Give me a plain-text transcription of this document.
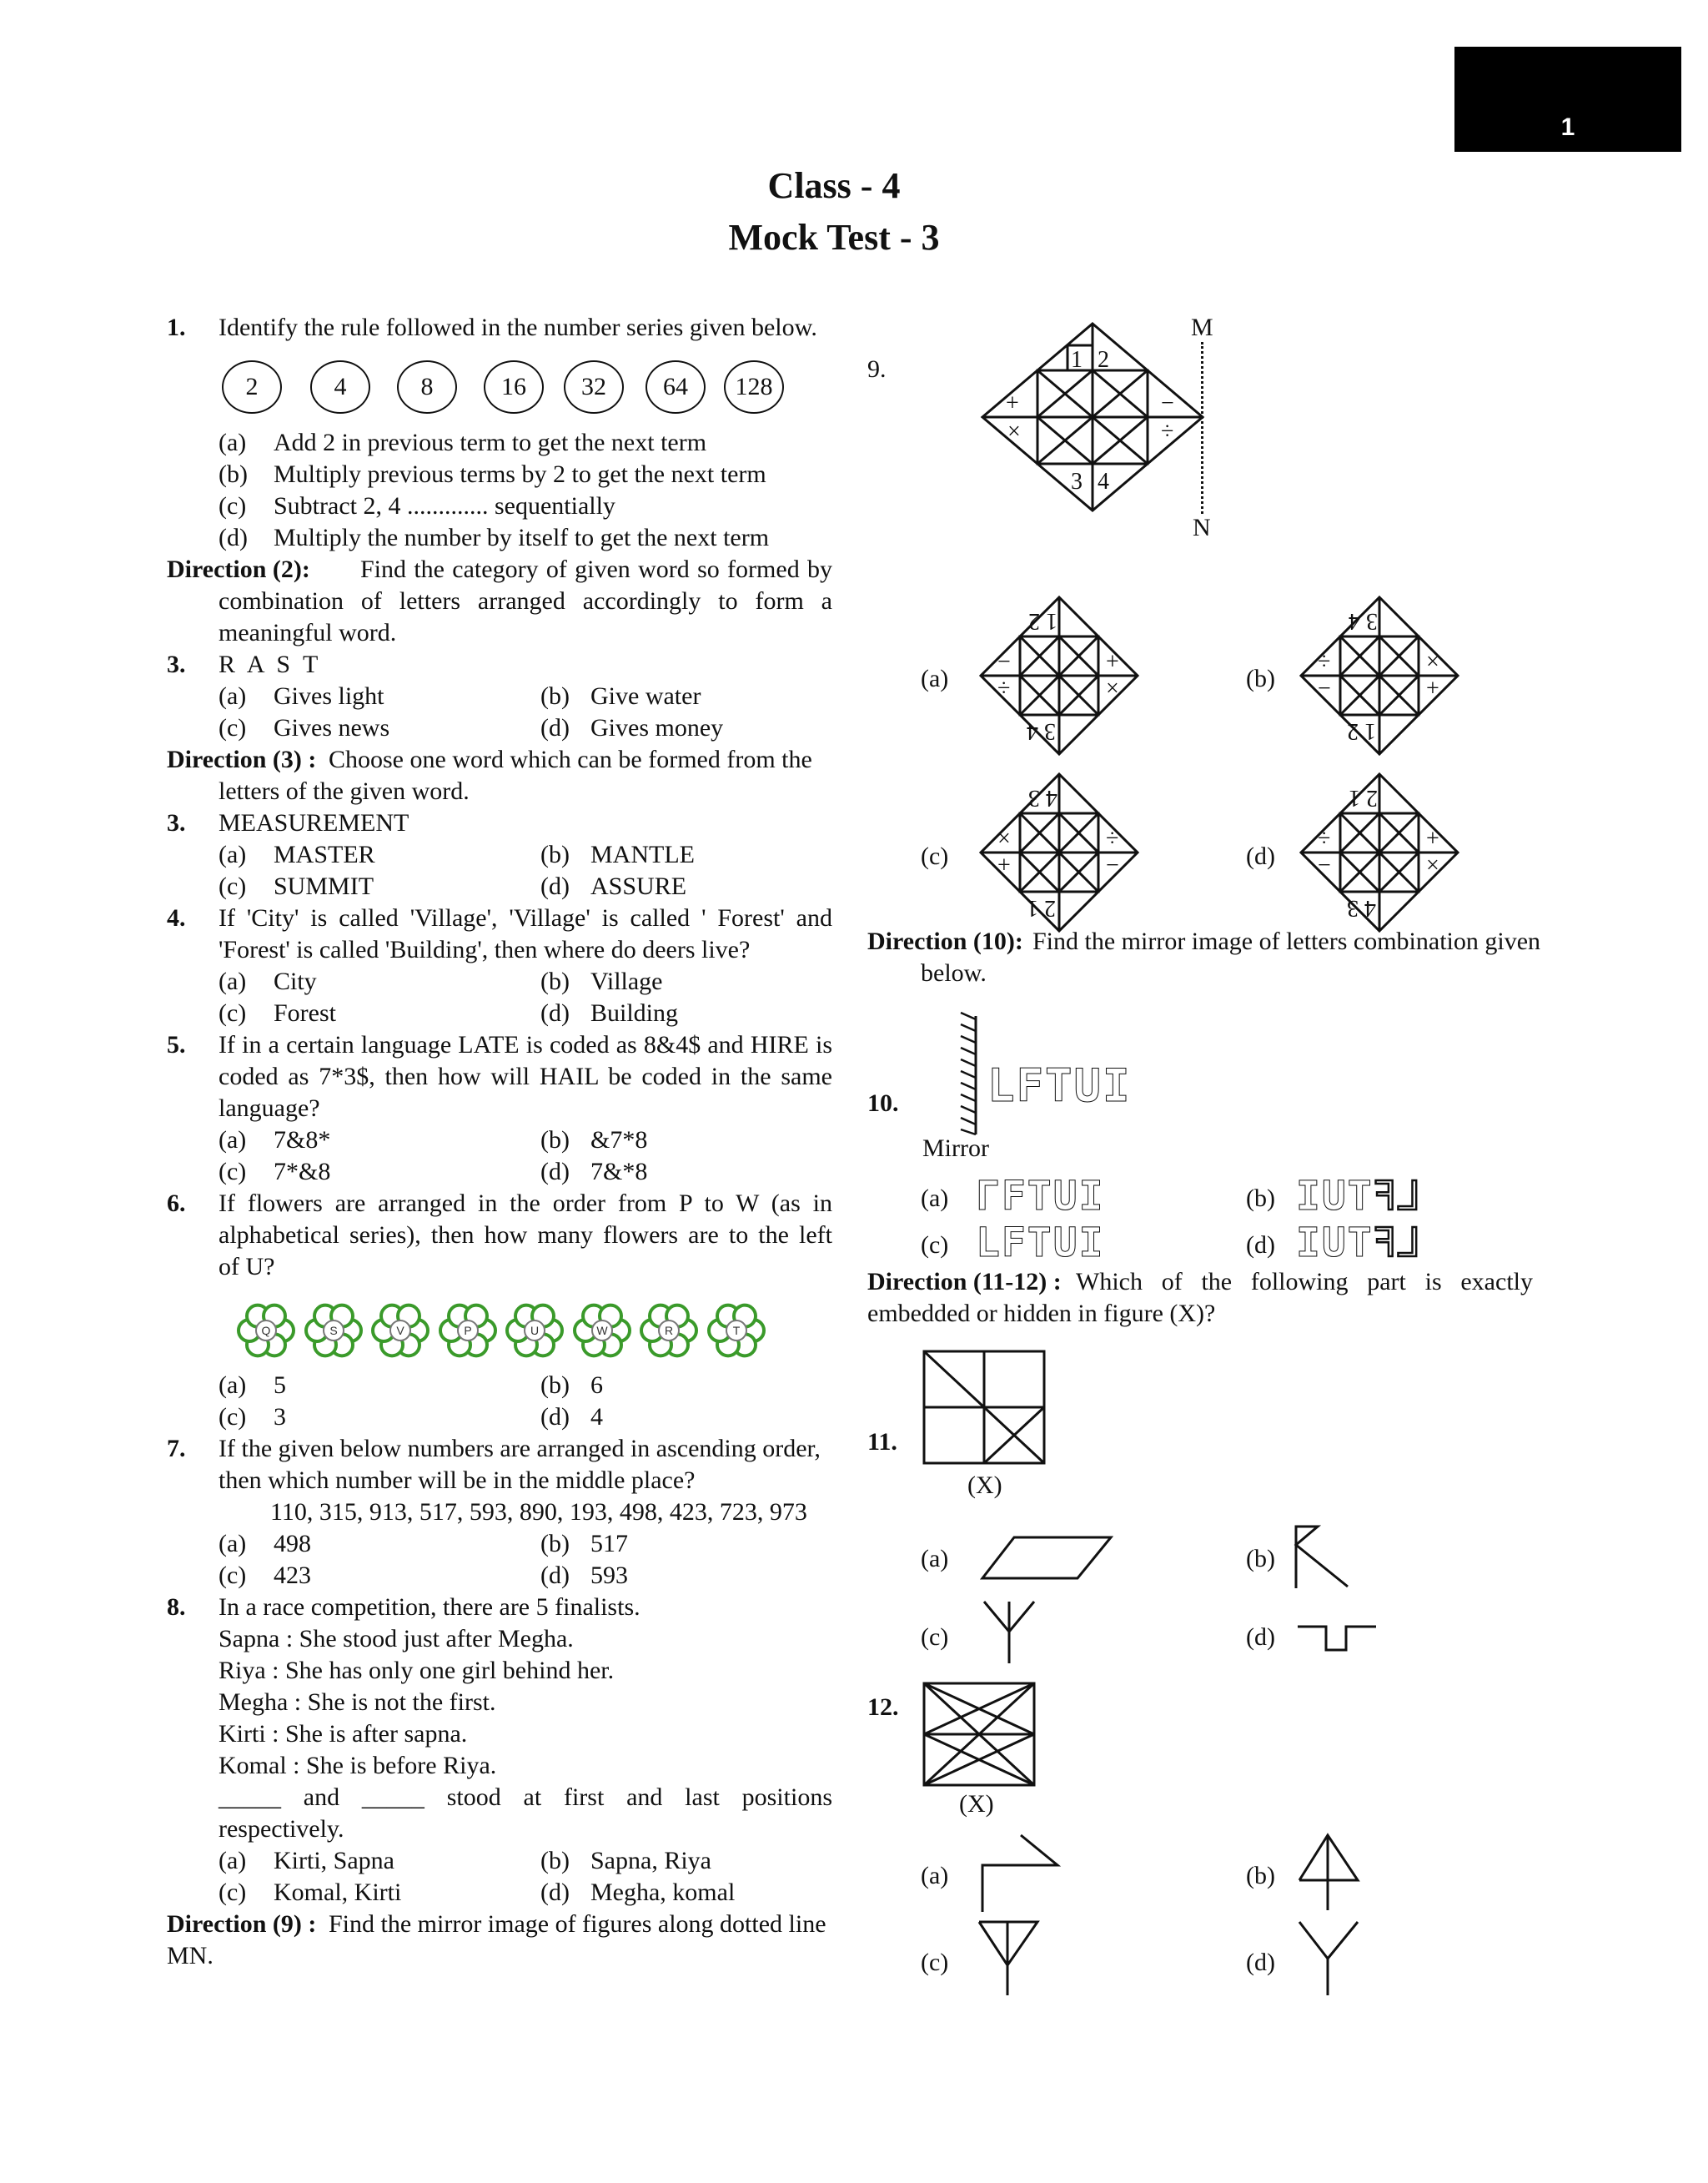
1
Class - 4
Mock Test - 3
1. Identify the rule followed in the number series given below.
2	4	8	16	32	64	128
(a) Add 2 in previous term to get the next term
(b) Multiply previous terms by 2 to get the next term
(c) Subtract 2, 4 ............. sequentially
(d) Multiply the number by itself to get the next term
Direction (2): Find the category of given word so formed by
combination of letters arranged accordingly to form a
meaningful word.
3. R A S T
(a) Gives light	(b) Give water
(c) Gives news	(d) Gives money
Direction (3) : Choose one word which can be formed from the
letters of the given word.
3. MEASUREMENT
(a) MASTER	(b) MANTLE
(c) SUMMIT	(d) ASSURE
4. If 'City' is called 'Village', 'Village' is called ' Forest' and
'Forest' is called 'Building', then where do deers live?
(a) City	(b) Village
(c) Forest	(d) Building
5. If in a certain language LATE is coded as 8&4$ and HIRE is
coded as 7*3$, then how will HAIL be coded in the same
language?
(a) 7&8*	(b) &7*8
(c) 7*&8	(d) 7&*8
6. If flowers are arranged in the order from P to W (as in
alphabetical series), then how many flowers are to the left
of U?
Q	S	V	P	U	W	R	T
(a) 5	(b) 6
(c) 3	(d) 4
7. If the given below numbers are arranged in ascending order,
then which number will be in the middle place?
110, 315, 913, 517, 593, 890, 193, 498, 423, 723, 973
(a) 498	(b) 517
(c) 423	(d) 593
8. In a race competition, there are 5 finalists.
Sapna : She stood just after Megha.
Riya : She has only one girl behind her.
Megha : She is not the first.
Kirti : She is after sapna.
Komal : She is before Riya.
_____ and _____ stood at first and last positions
respectively.
(a) Kirti, Sapna	(b) Sapna, Riya
(c) Komal, Kirti	(d) Megha, komal
Direction (9) : Find the mirror image of figures along dotted line
MN.
9.	1 2
3 4
+
×
−
÷
M
N
(a)
1 2
3 4
−
÷
+
×	(b)
3 4
1 2
÷
−
×
+
(c)
4 3
2 1
×
+
÷
−	(d)
2 1
4 3
÷
−
+
×
Direction (10): Find the mirror image of letters combination given
below.
10. LFTUI
Mirror
(a) ΓFTUI	(b) IUTꟻ⅃
(c) LFTUI	(d) IUTꟻ⅃
Direction (11-12) : Which of the following part is exactly
embedded or hidden in figure (X)?
11.
(X)
(a)	(b)
(c)	(d)
12.
(X)
(a)	(b)
(c)	(d)
